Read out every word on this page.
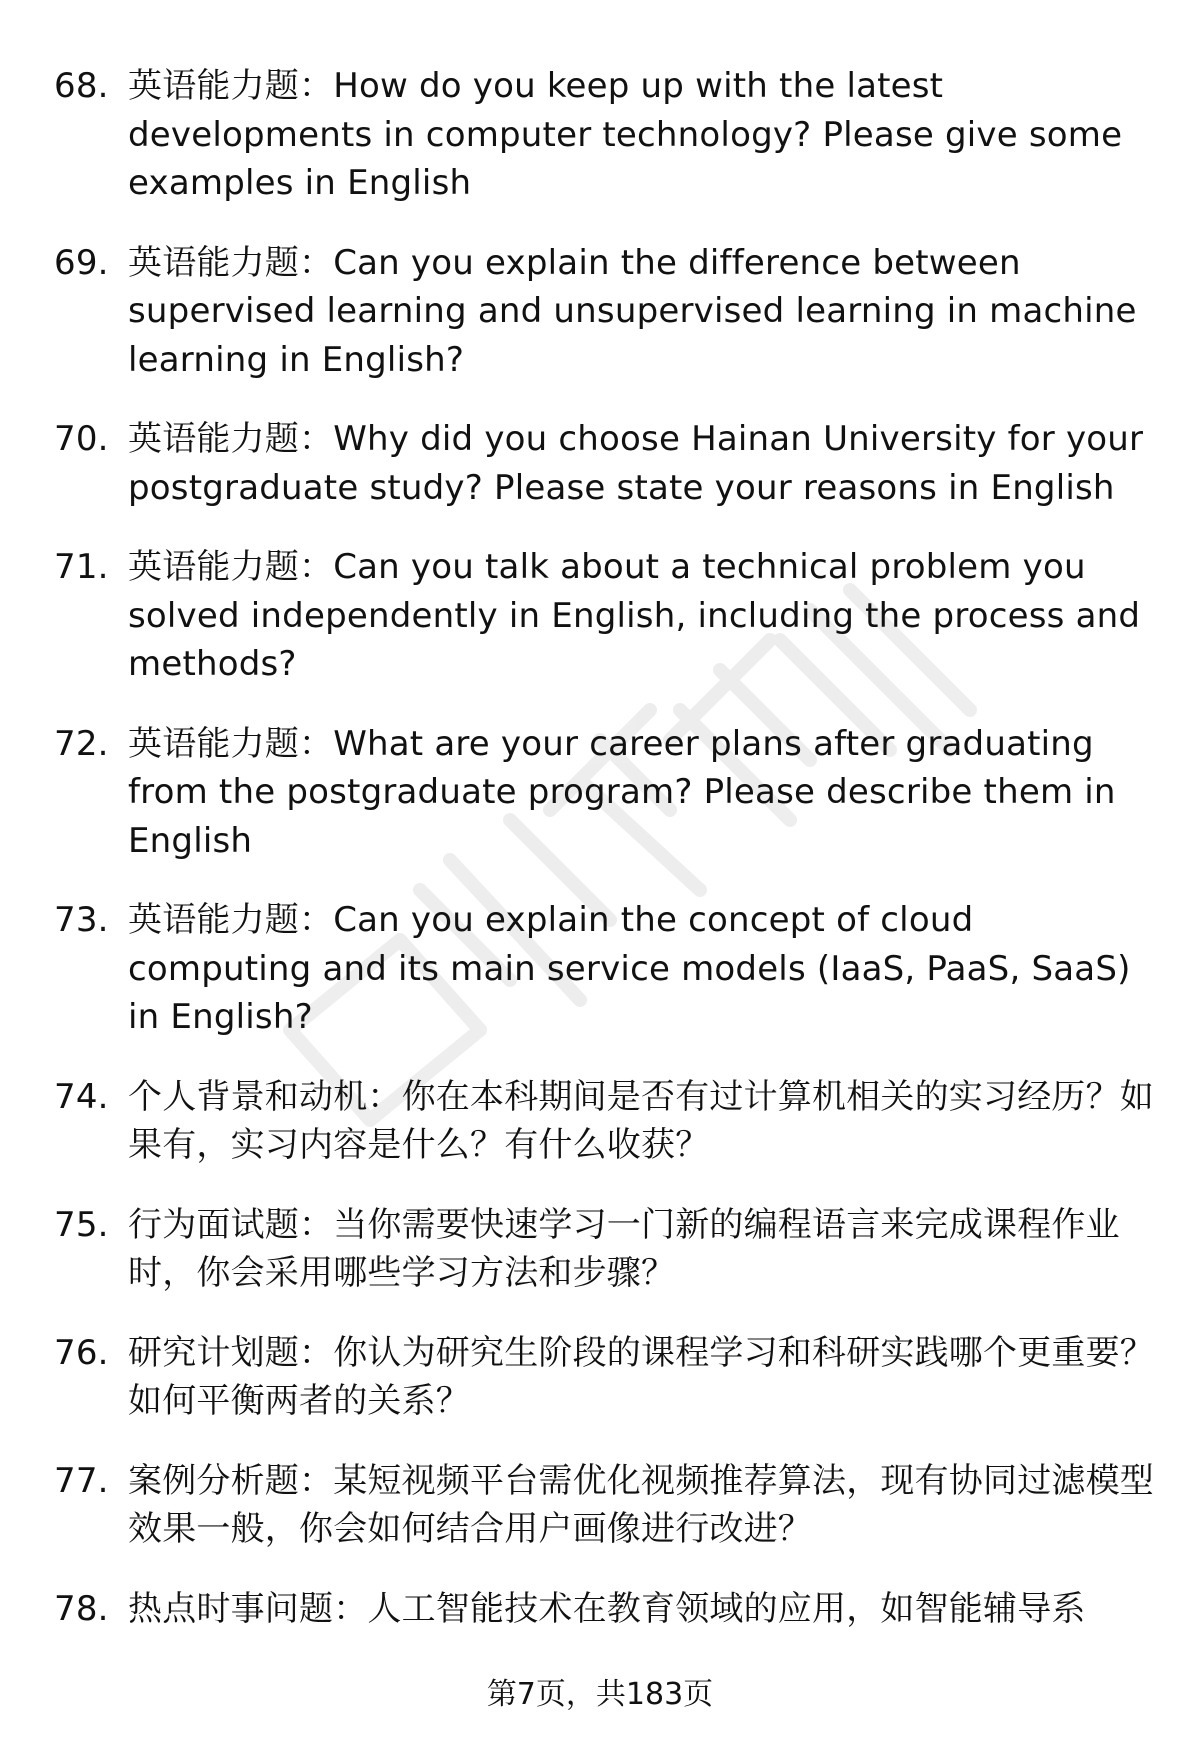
68. 英语能力题：How do you keep up with the latest developments in computer technology? Please give some examples in English
69. 英语能力题：Can you explain the difference between supervised learning and unsupervised learning in machine learning in English?
70. 英语能力题：Why did you choose Hainan University for your postgraduate study? Please state your reasons in English
71. 英语能力题：Can you talk about a technical problem you solved independently in English, including the process and methods?
72. 英语能力题：What are your career plans after graduating from the postgraduate program? Please describe them in English
73. 英语能力题：Can you explain the concept of cloud computing and its main service models (IaaS, PaaS, SaaS) in English?
74. 个人背景和动机：你在本科期间是否有过计算机相关的实习经历？如果有，实习内容是什么？有什么收获？
75. 行为面试题：当你需要快速学习一门新的编程语言来完成课程作业时，你会采用哪些学习方法和步骤？
76. 研究计划题：你认为研究生阶段的课程学习和科研实践哪个更重要？如何平衡两者的关系？
77. 案例分析题：某短视频平台需优化视频推荐算法，现有协同过滤模型效果一般，你会如何结合用户画像进行改进？
78. 热点时事问题：人工智能技术在教育领域的应用，如智能辅导系
第7页，共183页
